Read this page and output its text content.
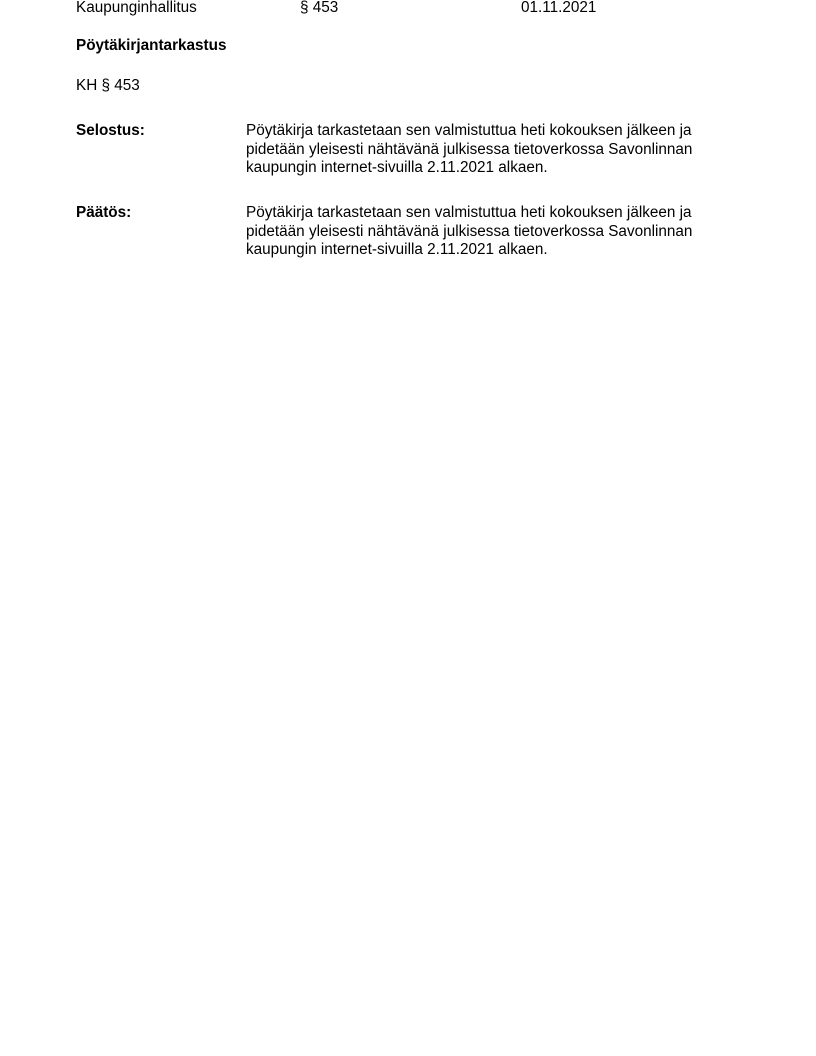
Kaupunginhallitus	§ 453	01.11.2021
Pöytäkirjantarkastus
KH § 453
Selostus:	Pöytäkirja tarkastetaan sen valmistuttua heti kokouksen jälkeen ja
pidetään yleisesti nähtävänä julkisessa tietoverkossa Savonlinnan
kaupungin internet-sivuilla 2.11.2021 alkaen.
Päätös:	Pöytäkirja tarkastetaan sen valmistuttua heti kokouksen jälkeen ja
pidetään yleisesti nähtävänä julkisessa tietoverkossa Savonlinnan
kaupungin internet-sivuilla 2.11.2021 alkaen.
